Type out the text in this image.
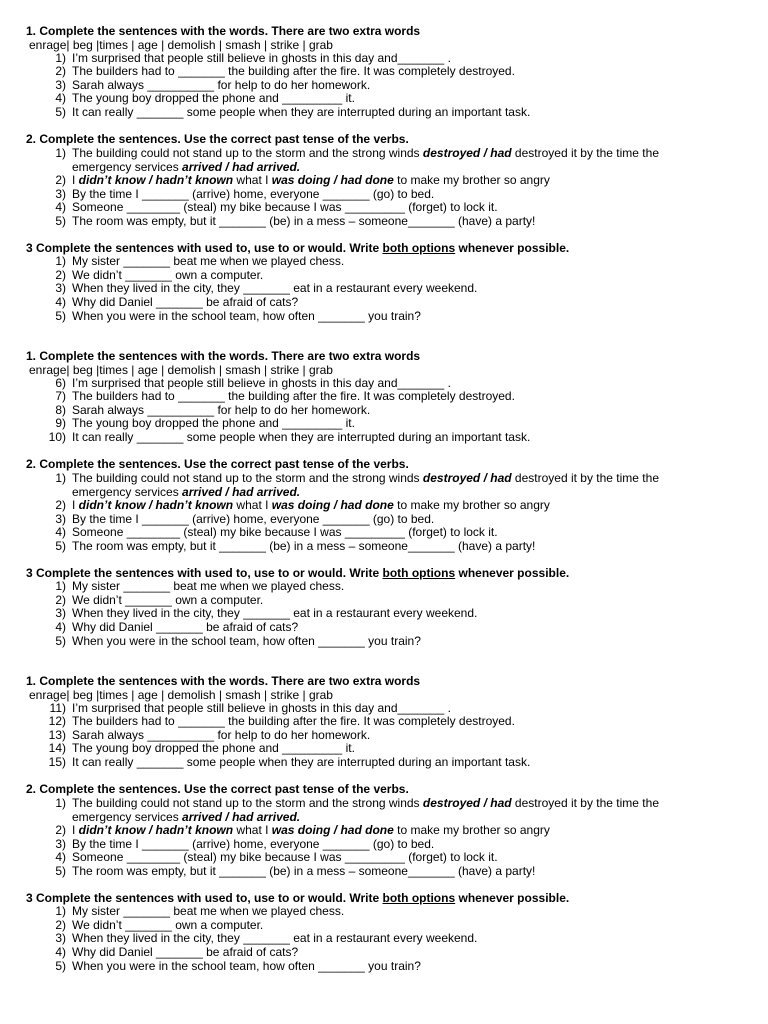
1. Complete the sentences with the words. There are two extra words
enrage| beg |times | age | demolish | smash | strike | grab
1) I’m surprised that people still believe in ghosts in this day and_______ .
2) The builders had to _______ the building after the fire. It was completely destroyed.
3) Sarah always __________ for help to do her homework.
4) The young boy dropped the phone and _________ it.
5) It can really _______ some people when they are interrupted during an important task.
2. Complete the sentences. Use the correct past tense of the verbs.
1) The building could not stand up to the storm and the strong winds destroyed / had destroyed it by the time the emergency services arrived / had arrived.
2) I didn’t know / hadn’t known what I was doing / had done to make my brother so angry
3) By the time I _______ (arrive) home, everyone _______ (go) to bed.
4) Someone ________ (steal) my bike because I was _________ (forget) to lock it.
5) The room was empty, but it _______ (be) in a mess – someone_______ (have) a party!
3 Complete the sentences with used to, use to or would. Write both options whenever possible.
1) My sister _______ beat me when we played chess.
2) We didn’t _______ own a computer.
3) When they lived in the city, they _______ eat in a restaurant every weekend.
4) Why did Daniel _______ be afraid of cats?
5) When you were in the school team, how often _______ you train?
1. Complete the sentences with the words. There are two extra words
enrage| beg |times | age | demolish | smash | strike | grab
6) I’m surprised that people still believe in ghosts in this day and_______ .
7) The builders had to _______ the building after the fire. It was completely destroyed.
8) Sarah always __________ for help to do her homework.
9) The young boy dropped the phone and _________ it.
10) It can really _______ some people when they are interrupted during an important task.
2. Complete the sentences. Use the correct past tense of the verbs.
1) The building could not stand up to the storm and the strong winds destroyed / had destroyed it by the time the emergency services arrived / had arrived.
2) I didn’t know / hadn’t known what I was doing / had done to make my brother so angry
3) By the time I _______ (arrive) home, everyone _______ (go) to bed.
4) Someone ________ (steal) my bike because I was _________ (forget) to lock it.
5) The room was empty, but it _______ (be) in a mess – someone_______ (have) a party!
3 Complete the sentences with used to, use to or would. Write both options whenever possible.
1) My sister _______ beat me when we played chess.
2) We didn’t _______ own a computer.
3) When they lived in the city, they _______ eat in a restaurant every weekend.
4) Why did Daniel _______ be afraid of cats?
5) When you were in the school team, how often _______ you train?
1. Complete the sentences with the words. There are two extra words
enrage| beg |times | age | demolish | smash | strike | grab
11) I’m surprised that people still believe in ghosts in this day and_______ .
12) The builders had to _______ the building after the fire. It was completely destroyed.
13) Sarah always __________ for help to do her homework.
14) The young boy dropped the phone and _________ it.
15) It can really _______ some people when they are interrupted during an important task.
2. Complete the sentences. Use the correct past tense of the verbs.
1) The building could not stand up to the storm and the strong winds destroyed / had destroyed it by the time the emergency services arrived / had arrived.
2) I didn’t know / hadn’t known what I was doing / had done to make my brother so angry
3) By the time I _______ (arrive) home, everyone _______ (go) to bed.
4) Someone ________ (steal) my bike because I was _________ (forget) to lock it.
5) The room was empty, but it _______ (be) in a mess – someone_______ (have) a party!
3 Complete the sentences with used to, use to or would. Write both options whenever possible.
1) My sister _______ beat me when we played chess.
2) We didn’t _______ own a computer.
3) When they lived in the city, they _______ eat in a restaurant every weekend.
4) Why did Daniel _______ be afraid of cats?
5) When you were in the school team, how often _______ you train?
